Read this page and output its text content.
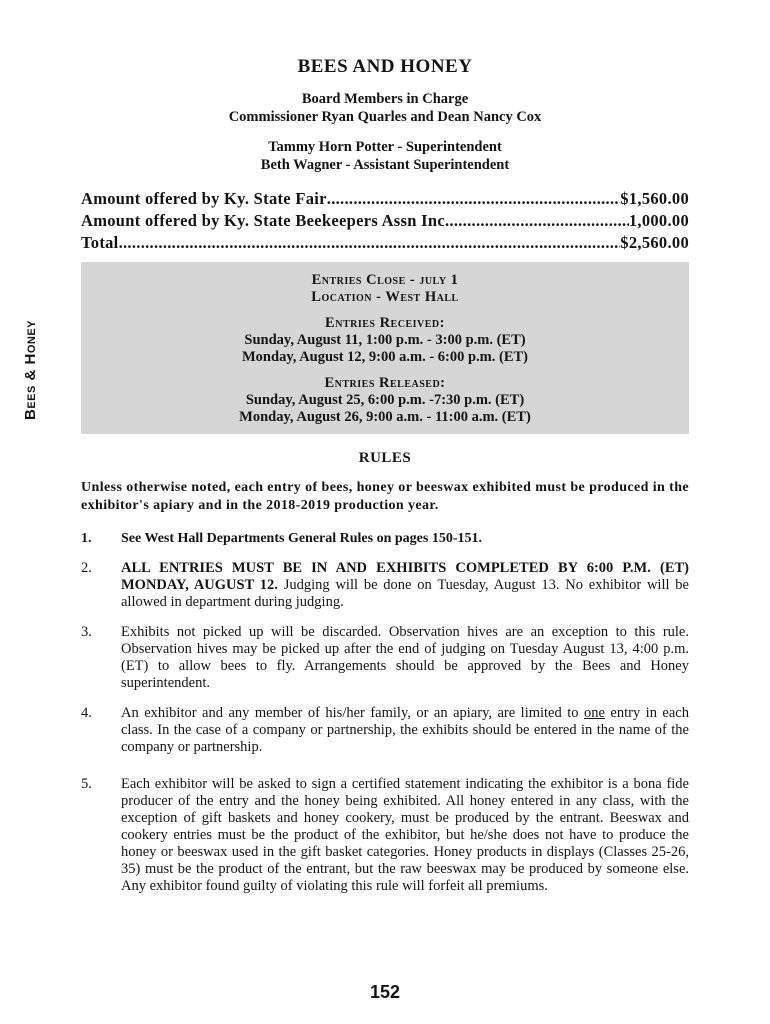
Bees & Honey
BEES AND HONEY
Board Members in Charge
Commissioner Ryan Quarles and Dean Nancy Cox
Tammy Horn Potter - Superintendent
Beth Wagner - Assistant Superintendent
Amount offered by Ky. State Fair .....	$1,560.00
Amount offered by Ky. State Beekeepers Assn Inc. .....	1,000.00
Total .....	$2,560.00
Entries Close - july 1
Location - West Hall
Entries Received:
Sunday, August 11, 1:00 p.m. - 3:00 p.m. (ET)
Monday, August 12, 9:00 a.m. - 6:00 p.m. (ET)
Entries Released:
Sunday, August 25, 6:00 p.m. -7:30 p.m. (ET)
Monday, August 26, 9:00 a.m. - 11:00 a.m. (ET)
RULES
Unless otherwise noted, each entry of bees, honey or beeswax exhibited must be produced in the exhibitor's apiary and in the 2018-2019 production year.
1.	See West Hall Departments General Rules on pages 150-151.
2.	ALL ENTRIES MUST BE IN AND EXHIBITS COMPLETED BY 6:00 P.M. (ET) MONDAY, AUGUST 12. Judging will be done on Tuesday, August 13. No exhibitor will be allowed in department during judging.
3.	Exhibits not picked up will be discarded. Observation hives are an exception to this rule. Observation hives may be picked up after the end of judging on Tuesday August 13, 4:00 p.m. (ET) to allow bees to fly. Arrangements should be approved by the Bees and Honey superintendent.
4.	An exhibitor and any member of his/her family, or an apiary, are limited to one entry in each class. In the case of a company or partnership, the exhibits should be entered in the name of the company or partnership.
5.	Each exhibitor will be asked to sign a certified statement indicating the exhibitor is a bona fide producer of the entry and the honey being exhibited. All honey entered in any class, with the exception of gift baskets and honey cookery, must be produced by the entrant. Beeswax and cookery entries must be the product of the exhibitor, but he/she does not have to produce the honey or beeswax used in the gift basket categories. Honey products in displays (Classes 25-26, 35) must be the product of the entrant, but the raw beeswax may be produced by someone else. Any exhibitor found guilty of violating this rule will forfeit all premiums.
152
